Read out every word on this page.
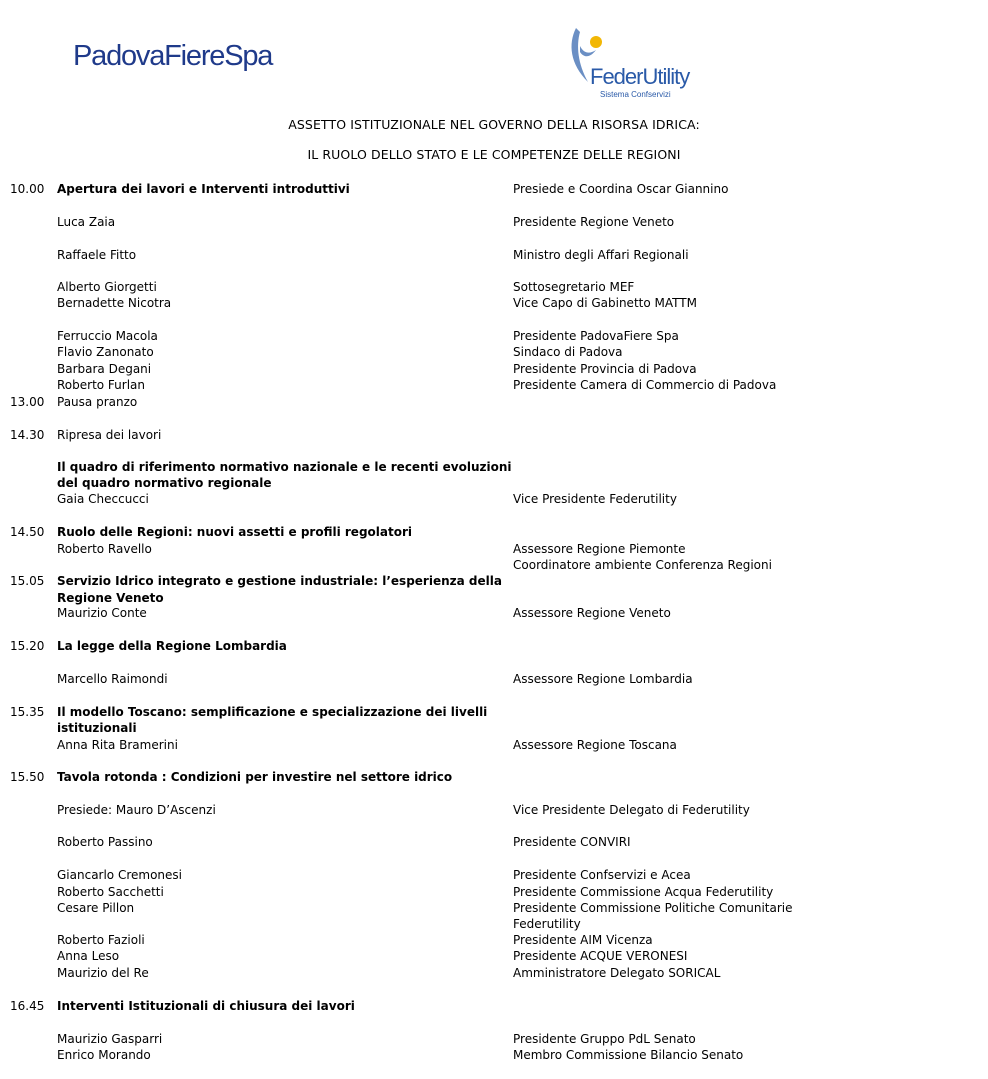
PadovaFiereSpa
FederUtility
Sistema Confservizi
ASSETTO ISTITUZIONALE NEL GOVERNO DELLA RISORSA IDRICA:
IL RUOLO DELLO STATO E LE COMPETENZE DELLE REGIONI
10.00 Apertura dei lavori e Interventi introduttivi	Presiede e Coordina Oscar Giannino
Luca Zaia	Presidente Regione Veneto
Raffaele Fitto	Ministro degli Affari Regionali
Alberto Giorgetti	Sottosegretario MEF
Bernadette Nicotra	Vice Capo di Gabinetto MATTM
Ferruccio Macola	Presidente PadovaFiere Spa
Flavio Zanonato	Sindaco di Padova
Barbara Degani	Presidente Provincia di Padova
Roberto Furlan	Presidente Camera di Commercio di Padova
13.00 Pausa pranzo
14.30 Ripresa dei lavori
Il quadro di riferimento normativo nazionale e le recenti evoluzioni
del quadro normativo regionale
Gaia Checcucci	Vice Presidente Federutility
14.50 Ruolo delle Regioni: nuovi assetti e profili regolatori
Roberto Ravello	Assessore Regione Piemonte
Coordinatore ambiente Conferenza Regioni
15.05 Servizio Idrico integrato e gestione industriale: l’esperienza della
Regione Veneto
Maurizio Conte	Assessore Regione Veneto
15.20 La legge della Regione Lombardia
Marcello Raimondi	Assessore Regione Lombardia
15.35 Il modello Toscano: semplificazione e specializzazione dei livelli
istituzionali
Anna Rita Bramerini	Assessore Regione Toscana
15.50 Tavola rotonda : Condizioni per investire nel settore idrico
Presiede: Mauro D’Ascenzi	Vice Presidente Delegato di Federutility
Roberto Passino	Presidente CONVIRI
Giancarlo Cremonesi	Presidente Confservizi e Acea
Roberto Sacchetti	Presidente Commissione Acqua Federutility
Cesare Pillon	Presidente Commissione Politiche Comunitarie
Federutility
Roberto Fazioli	Presidente AIM Vicenza
Anna Leso	Presidente ACQUE VERONESI
Maurizio del Re	Amministratore Delegato SORICAL
16.45 Interventi Istituzionali di chiusura dei lavori
Maurizio Gasparri	Presidente Gruppo PdL Senato
Enrico Morando	Membro Commissione Bilancio Senato
